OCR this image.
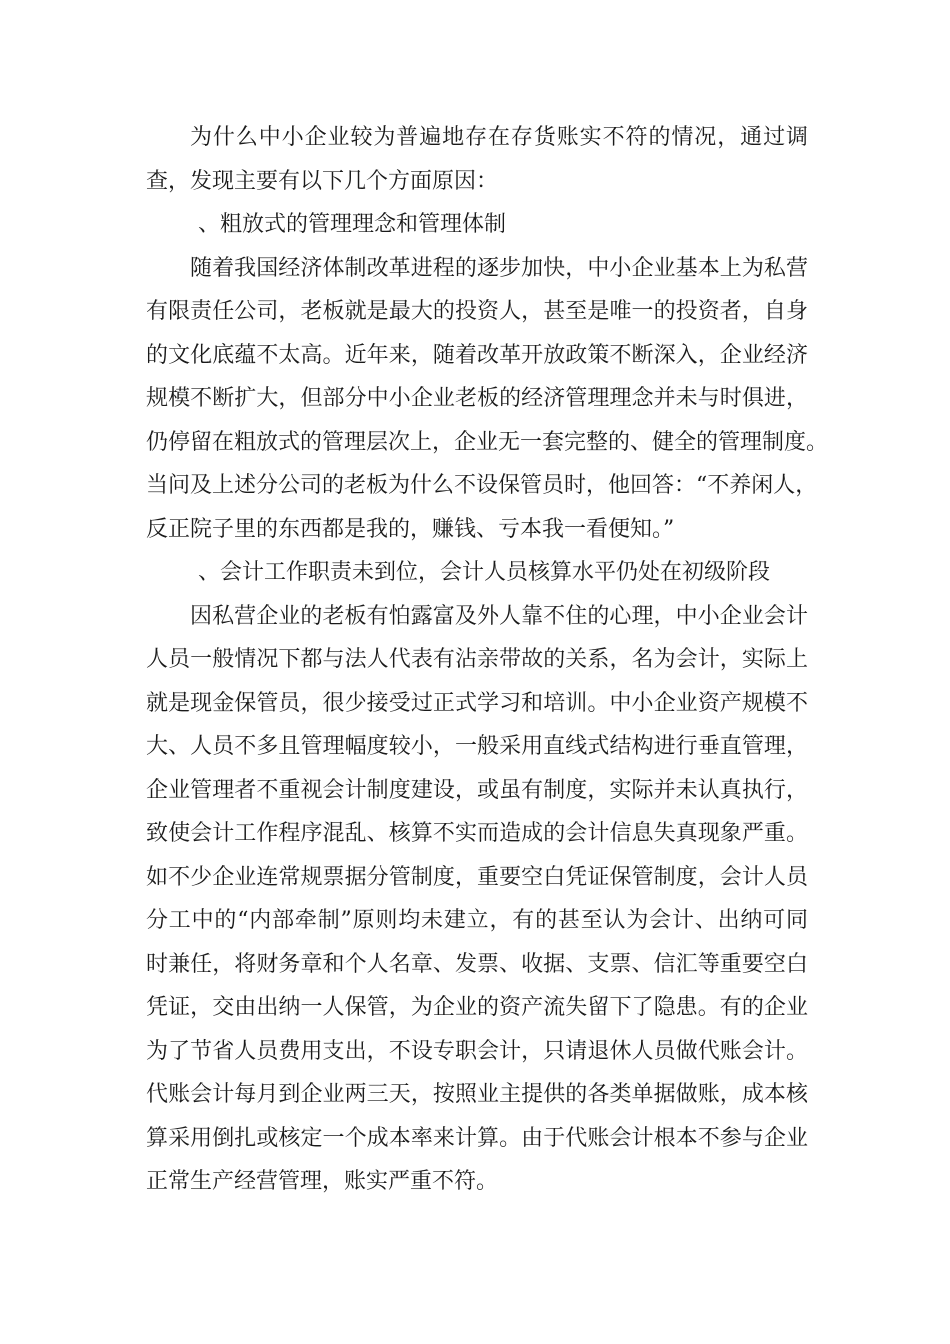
为什么中小企业较为普遍地存在存货账实不符的情况，通过调
查，发现主要有以下几个方面原因：
、粗放式的管理理念和管理体制
随着我国经济体制改革进程的逐步加快，中小企业基本上为私营
有限责任公司，老板就是最大的投资人，甚至是唯一的投资者，自身
的文化底蕴不太高。近年来，随着改革开放政策不断深入，企业经济
规模不断扩大，但部分中小企业老板的经济管理理念并未与时俱进，
仍停留在粗放式的管理层次上，企业无一套完整的、健全的管理制度。
当问及上述分公司的老板为什么不设保管员时，他回答：“不养闲人，
反正院子里的东西都是我的，赚钱、亏本我一看便知。”
、会计工作职责未到位，会计人员核算水平仍处在初级阶段
因私营企业的老板有怕露富及外人靠不住的心理，中小企业会计
人员一般情况下都与法人代表有沾亲带故的关系，名为会计，实际上
就是现金保管员，很少接受过正式学习和培训。中小企业资产规模不
大、人员不多且管理幅度较小，一般采用直线式结构进行垂直管理，
企业管理者不重视会计制度建设，或虽有制度，实际并未认真执行，
致使会计工作程序混乱、核算不实而造成的会计信息失真现象严重。
如不少企业连常规票据分管制度，重要空白凭证保管制度，会计人员
分工中的“内部牵制”原则均未建立，有的甚至认为会计、出纳可同
时兼任，将财务章和个人名章、发票、收据、支票、信汇等重要空白
凭证，交由出纳一人保管，为企业的资产流失留下了隐患。有的企业
为了节省人员费用支出，不设专职会计，只请退休人员做代账会计。
代账会计每月到企业两三天，按照业主提供的各类单据做账，成本核
算采用倒扎或核定一个成本率来计算。由于代账会计根本不参与企业
正常生产经营管理，账实严重不符。
